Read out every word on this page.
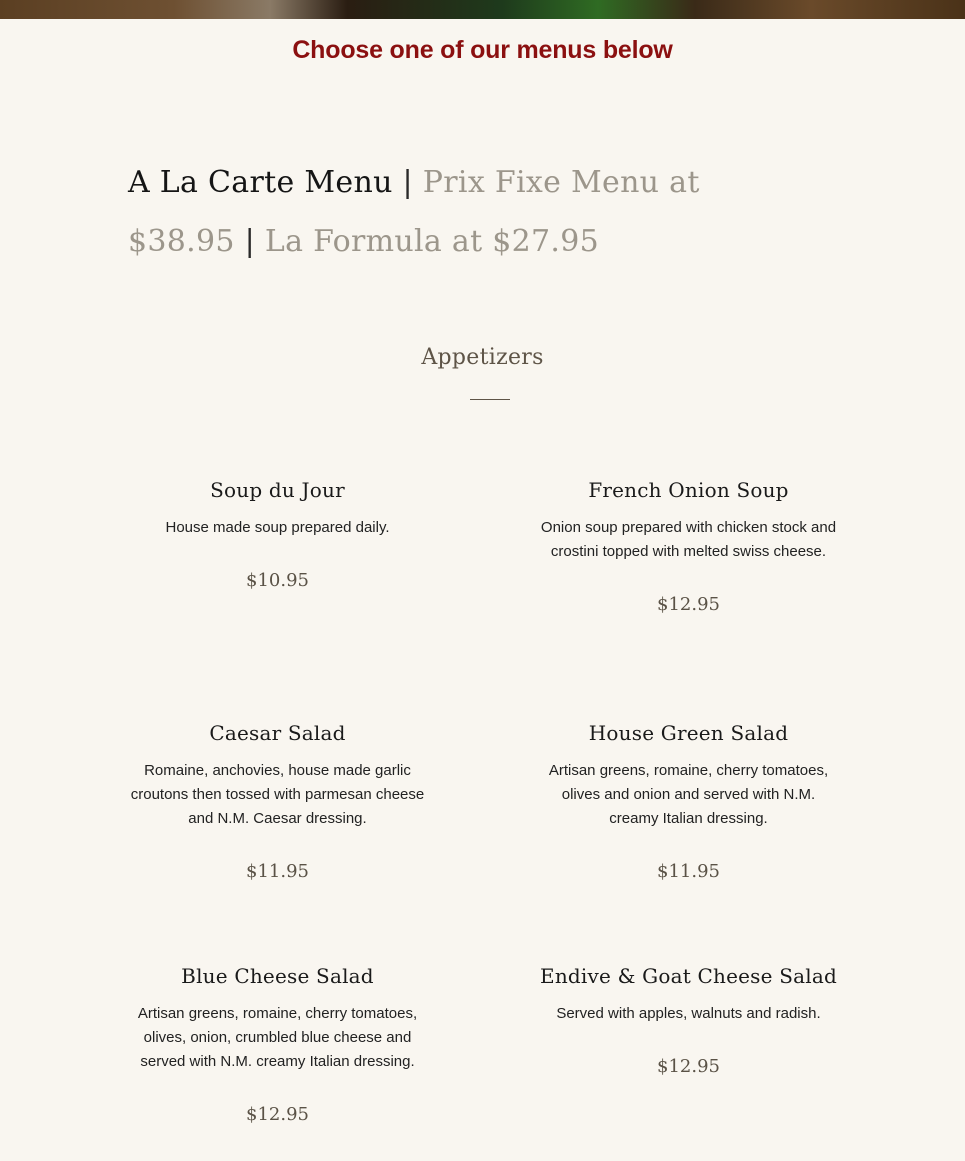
Choose one of our menus below
A La Carte Menu | Prix Fixe Menu at $38.95 | La Formula at $27.95
Appetizers
Soup du Jour

House made soup prepared daily.

$10.95

French Onion Soup

Onion soup prepared with chicken stock and crostini topped with melted swiss cheese.

$12.95

Caesar Salad

Romaine, anchovies, house made garlic croutons then tossed with parmesan cheese and N.M. Caesar dressing.

$11.95

House Green Salad

Artisan greens, romaine, cherry tomatoes, olives and onion and served with N.M. creamy Italian dressing.

$11.95

Blue Cheese Salad

Artisan greens, romaine, cherry tomatoes, olives, onion, crumbled blue cheese and served with N.M. creamy Italian dressing.

$12.95

Endive & Goat Cheese Salad

Served with apples, walnuts and radish.

$12.95
